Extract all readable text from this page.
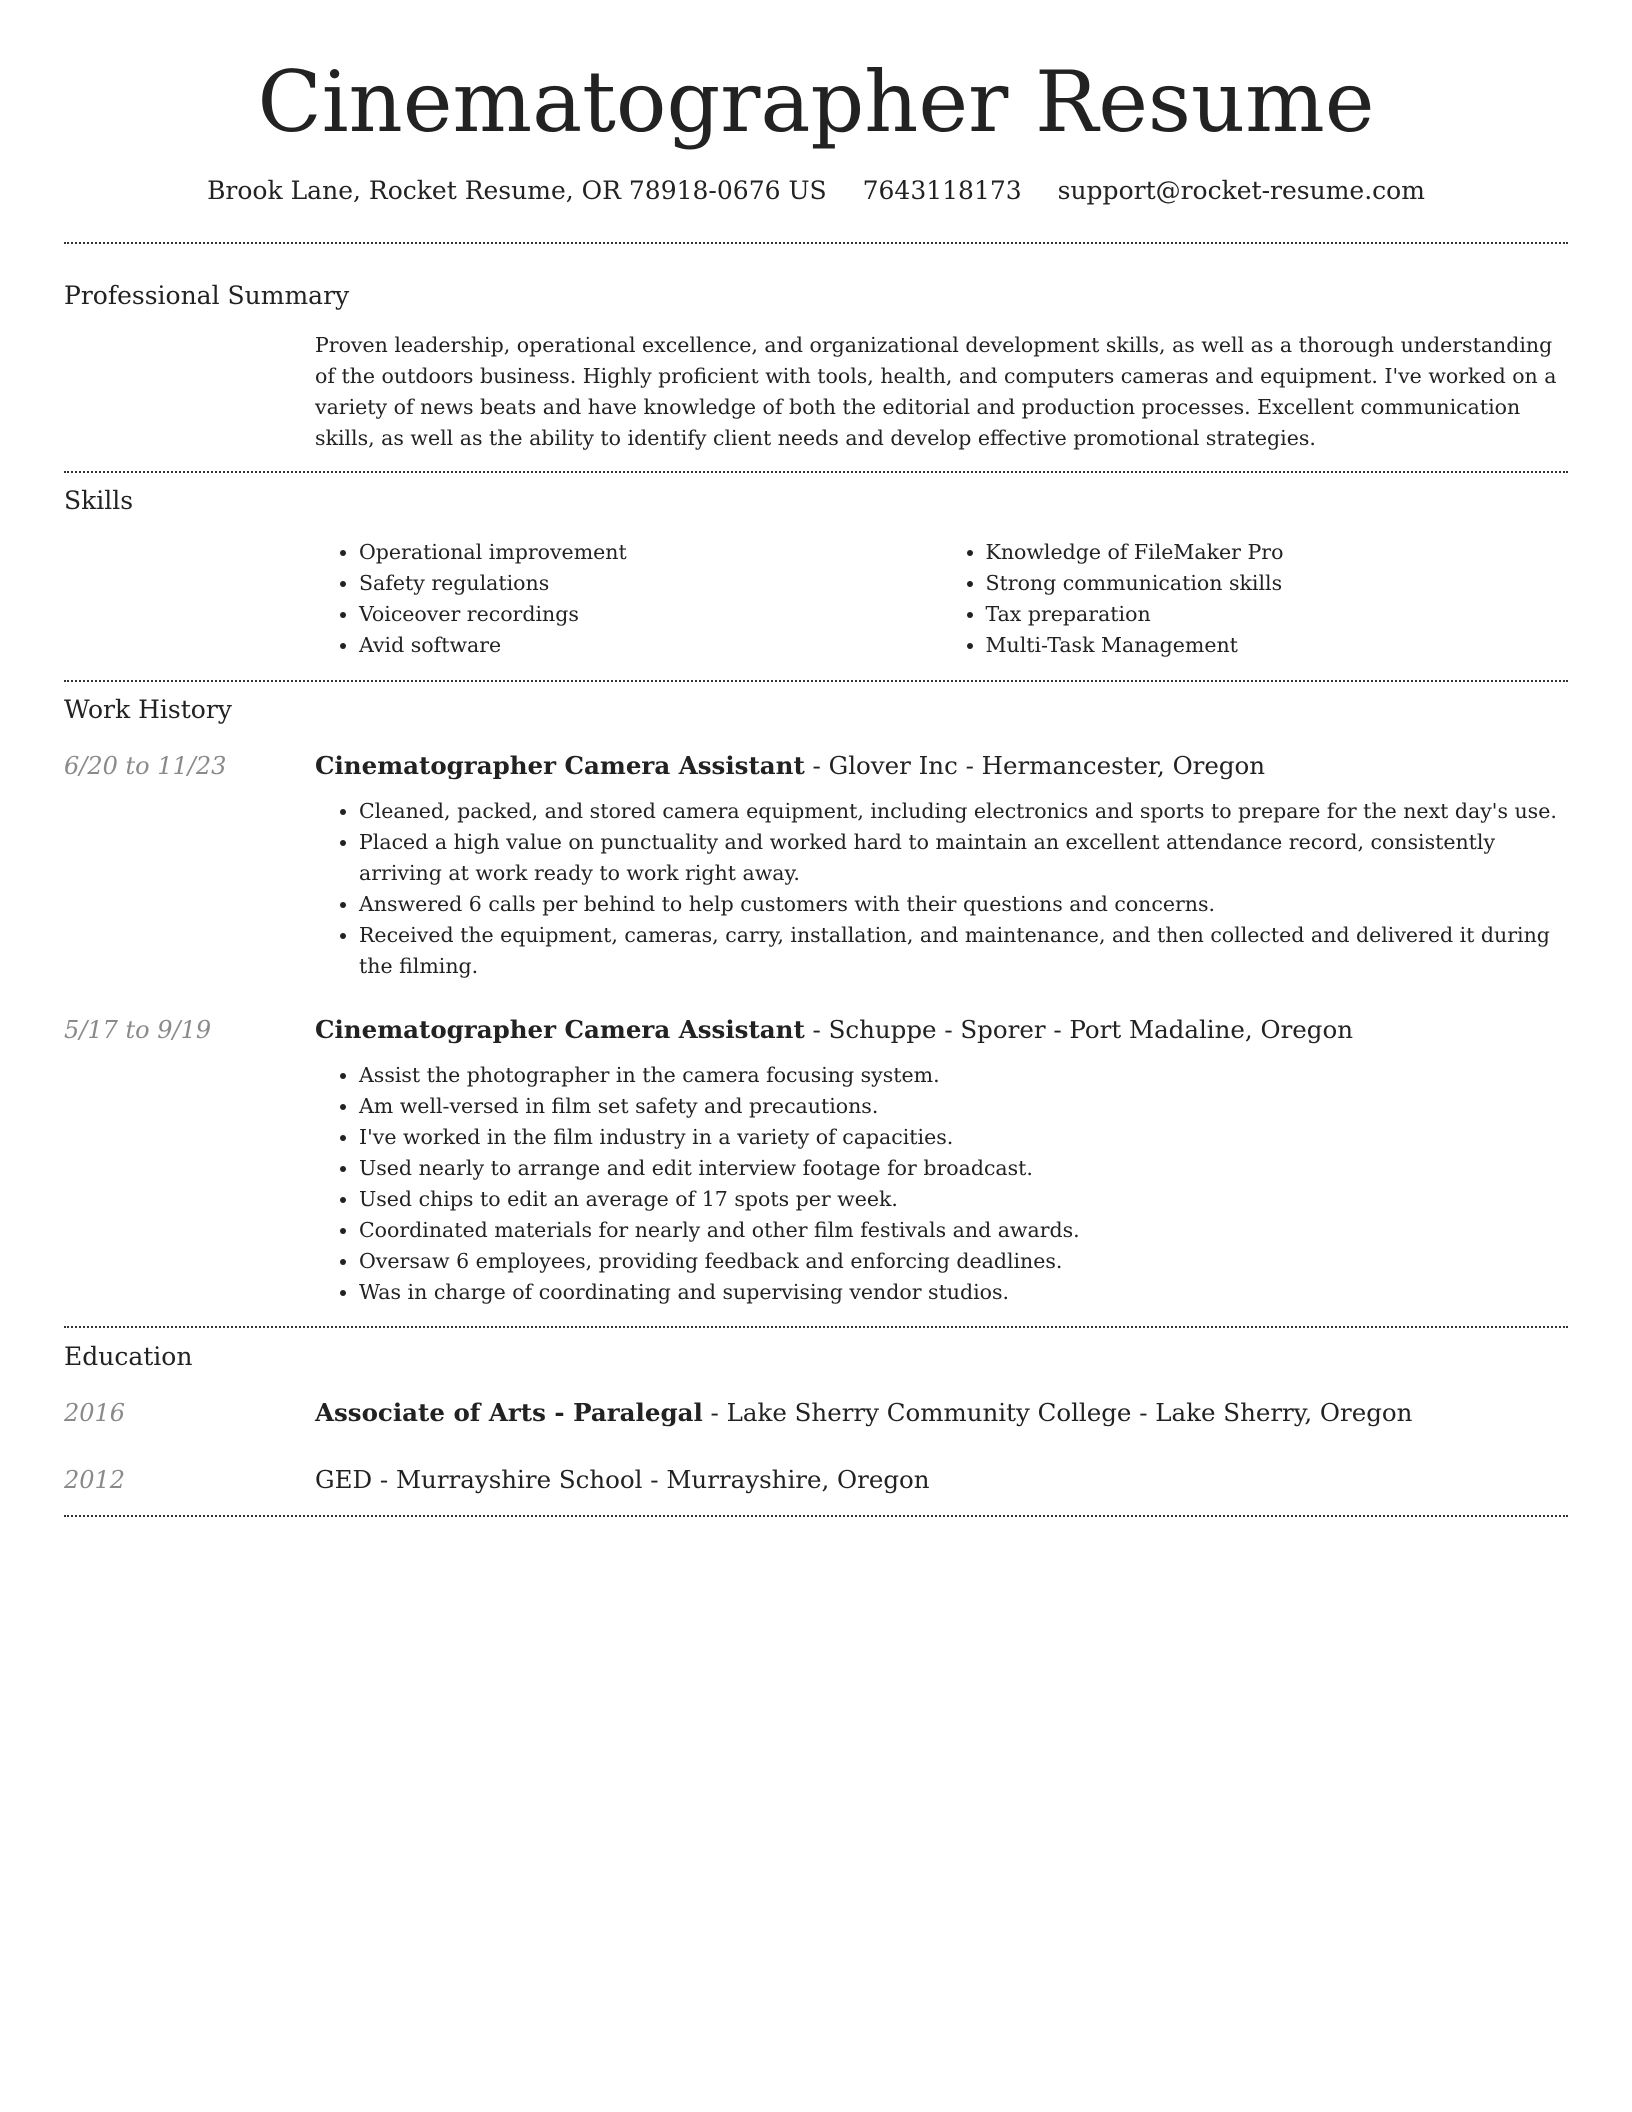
Cinematographer Resume
Brook Lane, Rocket Resume, OR 78918-0676 US 7643118173 support@rocket-resume.com
Professional Summary

Proven leadership, operational excellence, and organizational development skills, as well as a thorough understanding of the outdoors business. Highly proficient with tools, health, and computers cameras and equipment. I've worked on a variety of news beats and have knowledge of both the editorial and production processes. Excellent communication skills, as well as the ability to identify client needs and develop effective promotional strategies.

Skills
• Operational improvement
• Safety regulations
• Voiceover recordings
• Avid software
• Knowledge of FileMaker Pro
• Strong communication skills
• Tax preparation
• Multi-Task Management
Work History
6/20 to 11/23	Cinematographer Camera Assistant - Glover Inc - Hermancester, Oregon

• Cleaned, packed, and stored camera equipment, including electronics and sports to prepare for the next day's use.
• Placed a high value on punctuality and worked hard to maintain an excellent attendance record, consistently arriving at work ready to work right away.
• Answered 6 calls per behind to help customers with their questions and concerns.
• Received the equipment, cameras, carry, installation, and maintenance, and then collected and delivered it during the filming.
5/17 to 9/19	Cinematographer Camera Assistant - Schuppe - Sporer - Port Madaline, Oregon

• Assist the photographer in the camera focusing system.
• Am well-versed in film set safety and precautions.
• I've worked in the film industry in a variety of capacities.
• Used nearly to arrange and edit interview footage for broadcast.
• Used chips to edit an average of 17 spots per week.
• Coordinated materials for nearly and other film festivals and awards.
• Oversaw 6 employees, providing feedback and enforcing deadlines.
• Was in charge of coordinating and supervising vendor studios.
Education
2016	Associate of Arts - Paralegal - Lake Sherry Community College - Lake Sherry, Oregon
2012	GED - Murrayshire School - Murrayshire, Oregon
